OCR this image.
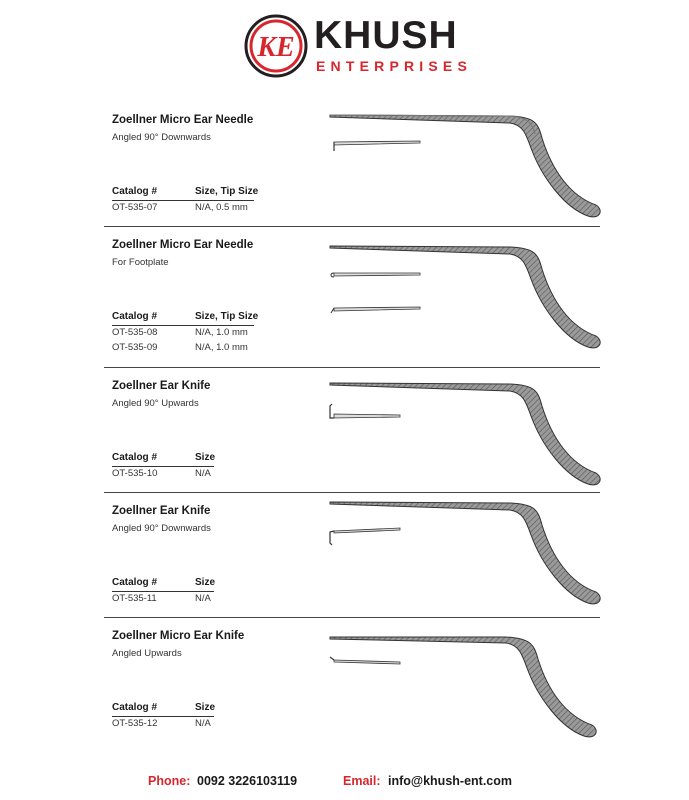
KE KHUSH
ENTERPRISES
Zoellner Micro Ear Needle
Angled 90° Downwards
Catalog #	Size, Tip Size
OT-535-07	N/A, 0.5 mm
Zoellner Micro Ear Needle
For Footplate
Catalog #	Size, Tip Size
OT-535-08	N/A, 1.0 mm
OT-535-09	N/A, 1.0 mm
Zoellner Ear Knife
Angled 90° Upwards
Catalog #	Size
OT-535-10	N/A
Zoellner Ear Knife
Angled 90° Downwards
Catalog #	Size
OT-535-11	N/A
Zoellner Micro Ear Knife
Angled Upwards
Catalog #	Size
OT-535-12	N/A
Phone: 0092 3226103119	Email: info@khush-ent.com
